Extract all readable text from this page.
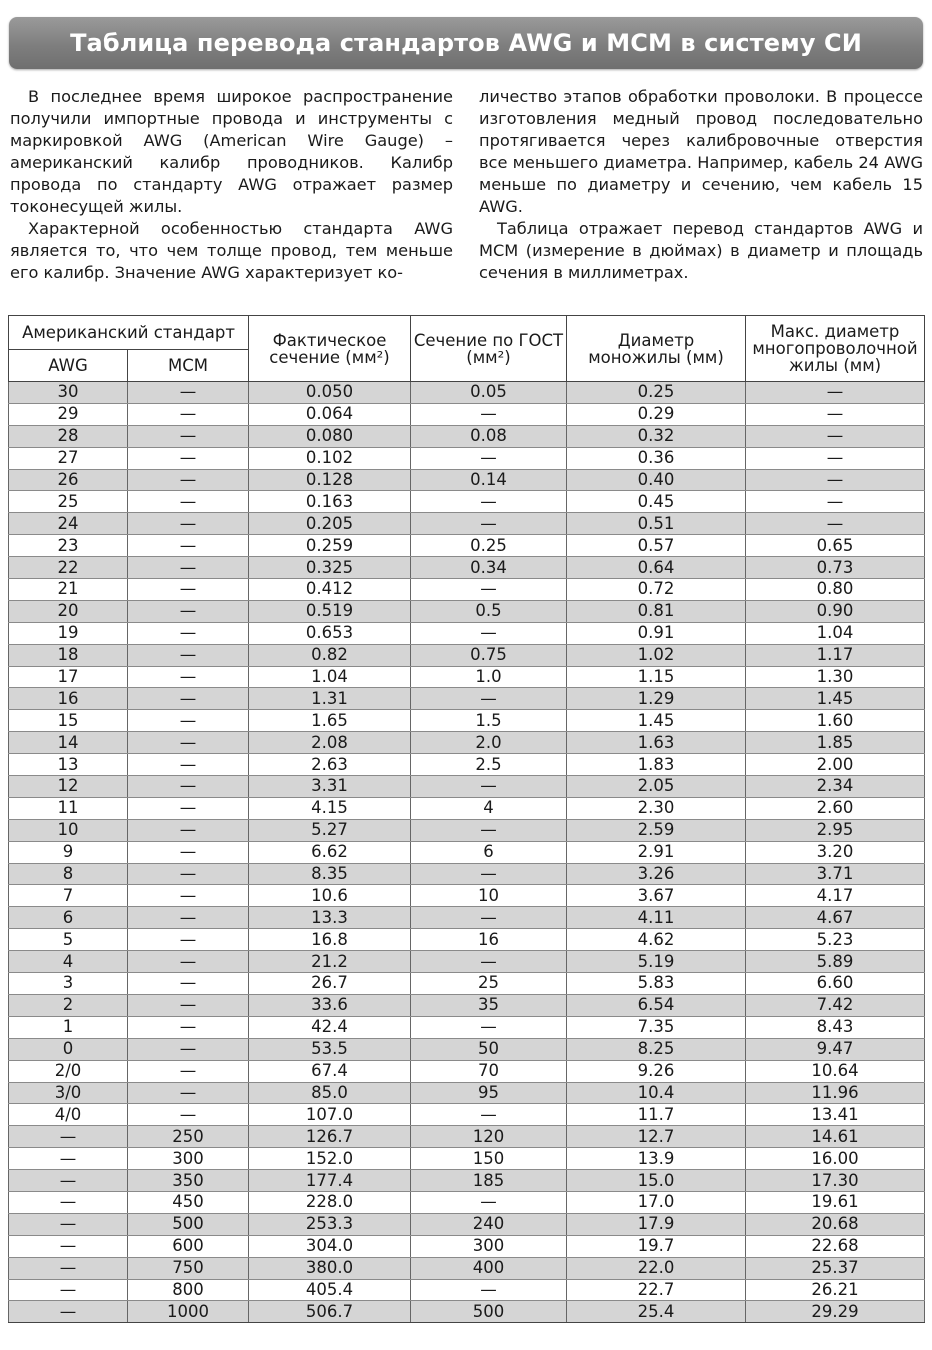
Таблица перевода стандартов AWG и MCM в систему СИ

В последнее время широкое распространение получили импортные провода и инструменты с маркировкой AWG (American Wire Gauge) – американский калибр проводников. Калибр провода по стандарту AWG отражает размер токонесущей жилы.

Характерной особенностью стандарта AWG является то, что чем толще провод, тем меньше его калибр. Значение AWG характеризует ко-

личество этапов обработки проволоки. В процессе изготовления медный провод последовательно протягивается через калибровочные отверстия все меньшего диаметра. Например, кабель 24 AWG меньше по диаметру и сечению, чем кабель 15 AWG.

Таблица отражает перевод стандартов AWG и MCM (измерение в дюймах) в диаметр и площадь сечения в миллиметрах.

Американский стандарт		Фактическое сечение (мм²)	Сечение по ГОСТ (мм²)	Диаметр моножилы (мм)	Макс. диаметр многопроволочной жилы (мм)
AWG	MCM				
30	—	0.050	0.05	0.25	—
29	—	0.064	—	0.29	—
28	—	0.080	0.08	0.32	—
27	—	0.102	—	0.36	—
26	—	0.128	0.14	0.40	—
25	—	0.163	—	0.45	—
24	—	0.205	—	0.51	—
23	—	0.259	0.25	0.57	0.65
22	—	0.325	0.34	0.64	0.73
21	—	0.412	—	0.72	0.80
20	—	0.519	0.5	0.81	0.90
19	—	0.653	—	0.91	1.04
18	—	0.82	0.75	1.02	1.17
17	—	1.04	1.0	1.15	1.30
16	—	1.31	—	1.29	1.45
15	—	1.65	1.5	1.45	1.60
14	—	2.08	2.0	1.63	1.85
13	—	2.63	2.5	1.83	2.00
12	—	3.31	—	2.05	2.34
11	—	4.15	4	2.30	2.60
10	—	5.27	—	2.59	2.95
9	—	6.62	6	2.91	3.20
8	—	8.35	—	3.26	3.71
7	—	10.6	10	3.67	4.17
6	—	13.3	—	4.11	4.67
5	—	16.8	16	4.62	5.23
4	—	21.2	—	5.19	5.89
3	—	26.7	25	5.83	6.60
2	—	33.6	35	6.54	7.42
1	—	42.4	—	7.35	8.43
0	—	53.5	50	8.25	9.47
2/0	—	67.4	70	9.26	10.64
3/0	—	85.0	95	10.4	11.96
4/0	—	107.0	—	11.7	13.41
—	250	126.7	120	12.7	14.61
—	300	152.0	150	13.9	16.00
—	350	177.4	185	15.0	17.30
—	450	228.0	—	17.0	19.61
—	500	253.3	240	17.9	20.68
—	600	304.0	300	19.7	22.68
—	750	380.0	400	22.0	25.37
—	800	405.4	—	22.7	26.21
—	1000	506.7	500	25.4	29.29
